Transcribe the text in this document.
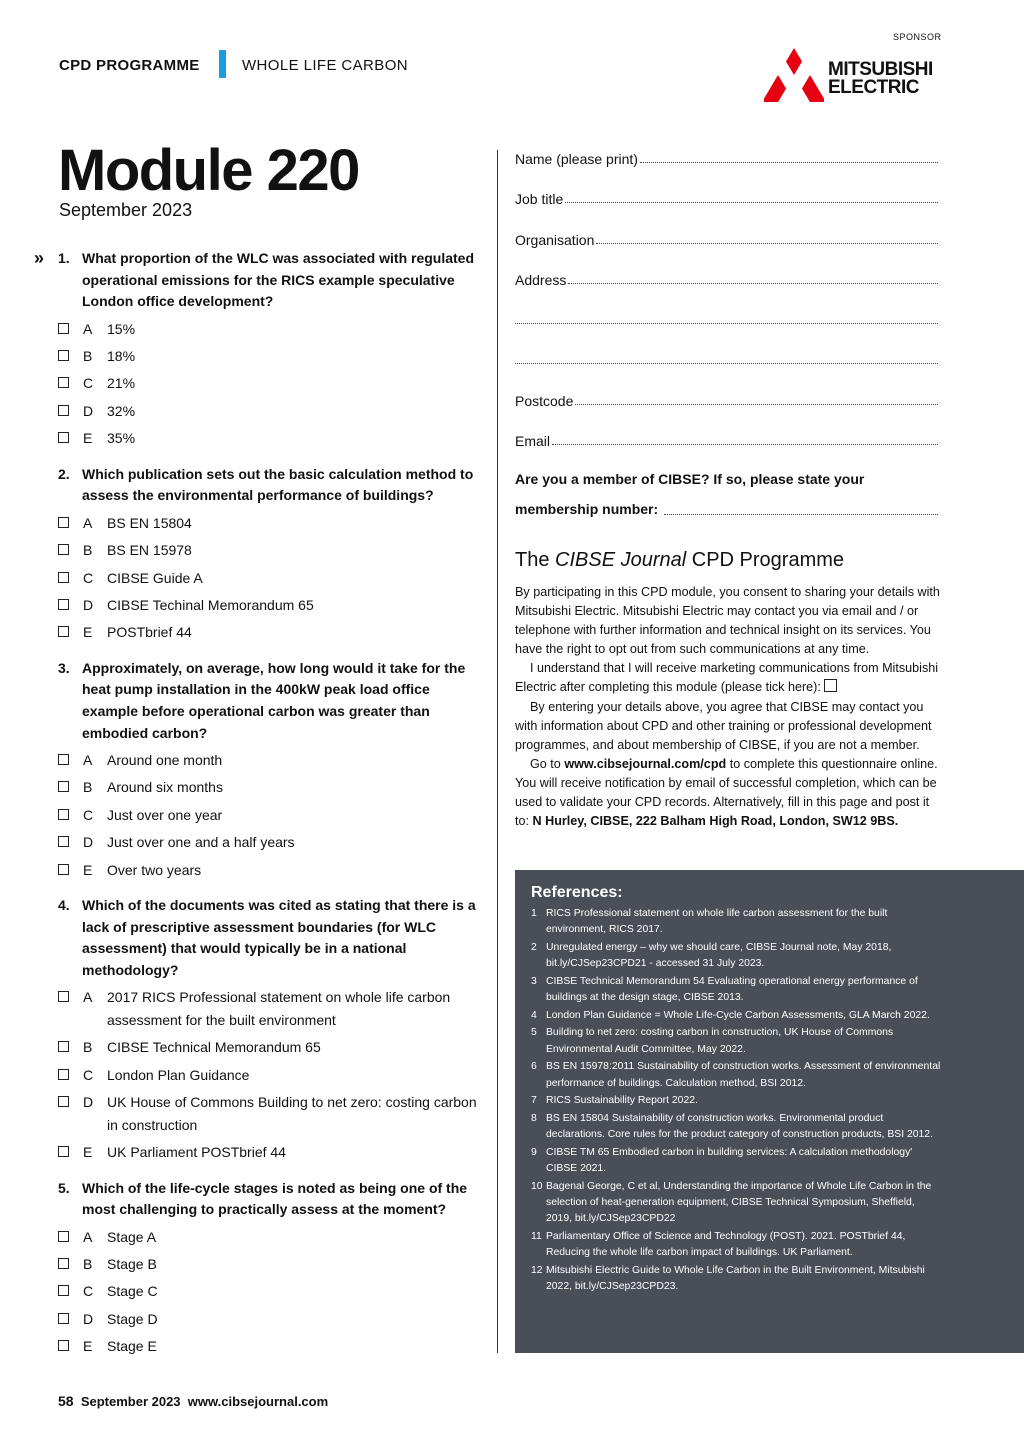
CPD PROGRAMME	WHOLE LIFE CARBON
SPONSOR
MITSUBISHI
ELECTRIC
Module 220
September 2023
» 1. What proportion of the WLC was associated with regulated operational emissions for the RICS example speculative London office development?
A 15%
B 18%
C 21%
D 32%
E 35%
2. Which publication sets out the basic calculation method to assess the environmental performance of buildings?
A BS EN 15804
B BS EN 15978
C CIBSE Guide A
D CIBSE Techinal Memorandum 65
E POSTbrief 44
3. Approximately, on average, how long would it take for the heat pump installation in the 400kW peak load office example before operational carbon was greater than embodied carbon?
A Around one month
B Around six months
C Just over one year
D Just over one and a half years
E Over two years
4. Which of the documents was cited as stating that there is a lack of prescriptive assessment boundaries (for WLC assessment) that would typically be in a national methodology?
A 2017 RICS Professional statement on whole life carbon assessment for the built environment
B CIBSE Technical Memorandum 65
C London Plan Guidance
D UK House of Commons Building to net zero: costing carbon in construction
E UK Parliament POSTbrief 44
5. Which of the life-cycle stages is noted as being one of the most challenging to practically assess at the moment?
A Stage A
B Stage B
C Stage C
D Stage D
E Stage E
Name (please print)
Job title
Organisation
Address
Postcode
Email
Are you a member of CIBSE? If so, please state your
membership number:
The CIBSE Journal CPD Programme

By participating in this CPD module, you consent to sharing your details with Mitsubishi Electric. Mitsubishi Electric may contact you via email and / or telephone with further information and technical insight on its services. You have the right to opt out from such communications at any time.

I understand that I will receive marketing communications from Mitsubishi Electric after completing this module (please tick here):

By entering your details above, you agree that CIBSE may contact you with information about CPD and other training or professional development programmes, and about membership of CIBSE, if you are not a member.

Go to www.cibsejournal.com/cpd to complete this questionnaire online. You will receive notification by email of successful completion, which can be used to validate your CPD records. Alternatively, fill in this page and post it to: N Hurley, CIBSE, 222 Balham High Road, London, SW12 9BS.

References:
1 RICS Professional statement on whole life carbon assessment for the built environment, RICS 2017.
2 Unregulated energy – why we should care, CIBSE Journal note, May 2018, bit.ly/CJSep23CPD21 - accessed 31 July 2023.
3 CIBSE Technical Memorandum 54 Evaluating operational energy performance of buildings at the design stage, CIBSE 2013.
4 London Plan Guidance = Whole Life-Cycle Carbon Assessments, GLA March 2022.
5 Building to net zero: costing carbon in construction, UK House of Commons Environmental Audit Committee, May 2022.
6 BS EN 15978:2011 Sustainability of construction works. Assessment of environmental performance of buildings. Calculation method, BSI 2012.
7 RICS Sustainability Report 2022.
8 BS EN 15804 Sustainability of construction works. Environmental product declarations. Core rules for the product category of construction products, BSI 2012.
9 CIBSE TM 65 Embodied carbon in building services: A calculation methodology' CIBSE 2021.
10 Bagenal George, C et al, Understanding the importance of Whole Life Carbon in the selection of heat-generation equipment, CIBSE Technical Symposium, Sheffield, 2019, bit.ly/CJSep23CPD22
11 Parliamentary Office of Science and Technology (POST). 2021. POSTbrief 44, Reducing the whole life carbon impact of buildings. UK Parliament.
12 Mitsubishi Electric Guide to Whole Life Carbon in the Built Environment, Mitsubishi 2022, bit.ly/CJSep23CPD23.
58 September 2023 www.cibsejournal.com
